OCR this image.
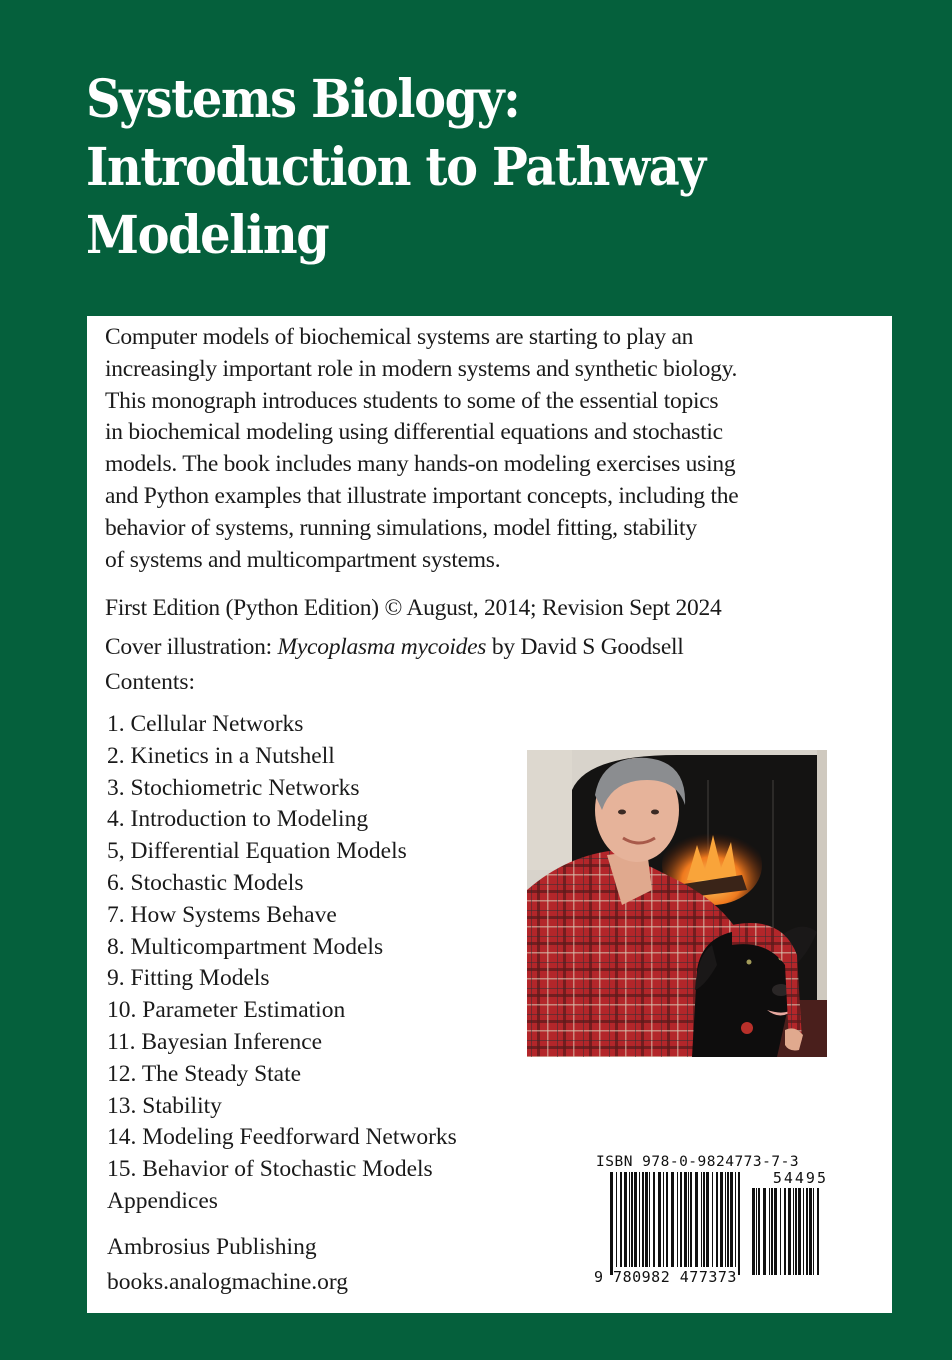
Systems Biology:
Introduction to Pathway
Modeling
Computer models of biochemical systems are starting to play an
increasingly important role in modern systems and synthetic biology.
This monograph introduces students to some of the essential topics
in biochemical modeling using differential equations and stochastic
models. The book includes many hands-on modeling exercises using
and Python examples that illustrate important concepts, including the
behavior of systems, running simulations, model fitting, stability
of systems and multicompartment systems.
First Edition (Python Edition) © August, 2014; Revision Sept 2024
Cover illustration: Mycoplasma mycoides by David S Goodsell
Contents:
1. Cellular Networks
2. Kinetics in a Nutshell
3. Stochiometric Networks
4. Introduction to Modeling
5, Differential Equation Models
6. Stochastic Models
7. How Systems Behave
8. Multicompartment Models
9. Fitting Models
10. Parameter Estimation
11. Bayesian Inference
12. The Steady State
13. Stability
14. Modeling Feedforward Networks
15. Behavior of Stochastic Models
Appendices
ISBN 978-0-9824773-7-3
54495
9 780982 477373
Ambrosius Publishing
books.analogmachine.org
